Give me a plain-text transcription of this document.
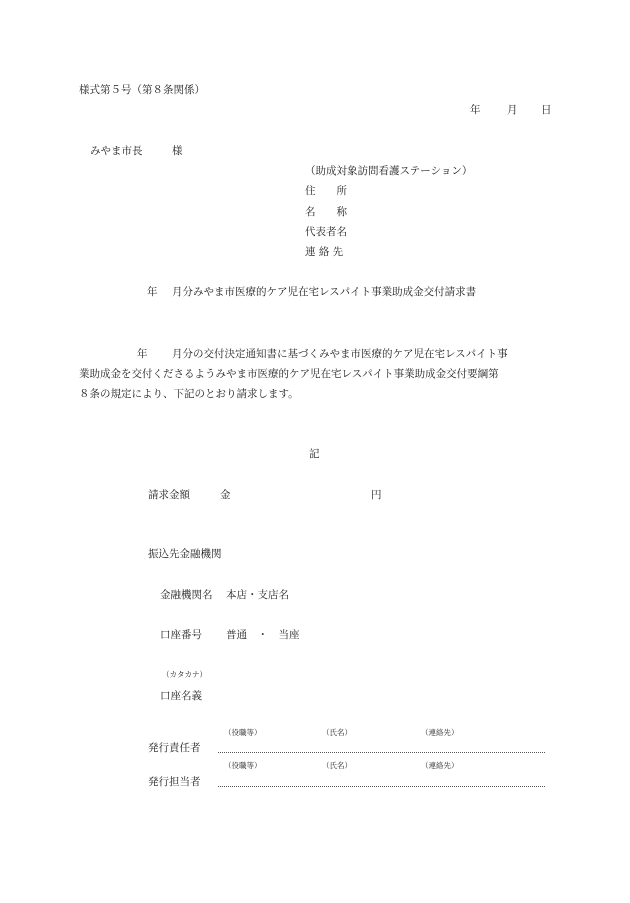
様式第５号（第８条関係）
年	月 日
みやま市長	様
（助成対象訪問看護ステーション）
住　　所
名　　称
代表者名
連 絡 先
年 月分みやま市医療的ケア児在宅レスパイト事業助成金交付請求書
年 月分の交付決定通知書に基づくみやま市医療的ケア児在宅レスパイト事
業助成金を交付くださるようみやま市医療的ケア児在宅レスパイト事業助成金交付要綱第
８条の規定により、下記のとおり請求します。
記
請求金額	金	円
振込先金融機関
金融機関名 本店・支店名
口座番号 普通　・　当座
（カタカナ）
口座名義
（役職等）	（氏名）	（連絡先）
発行責任者
（役職等）	（氏名）	（連絡先）
発行担当者
